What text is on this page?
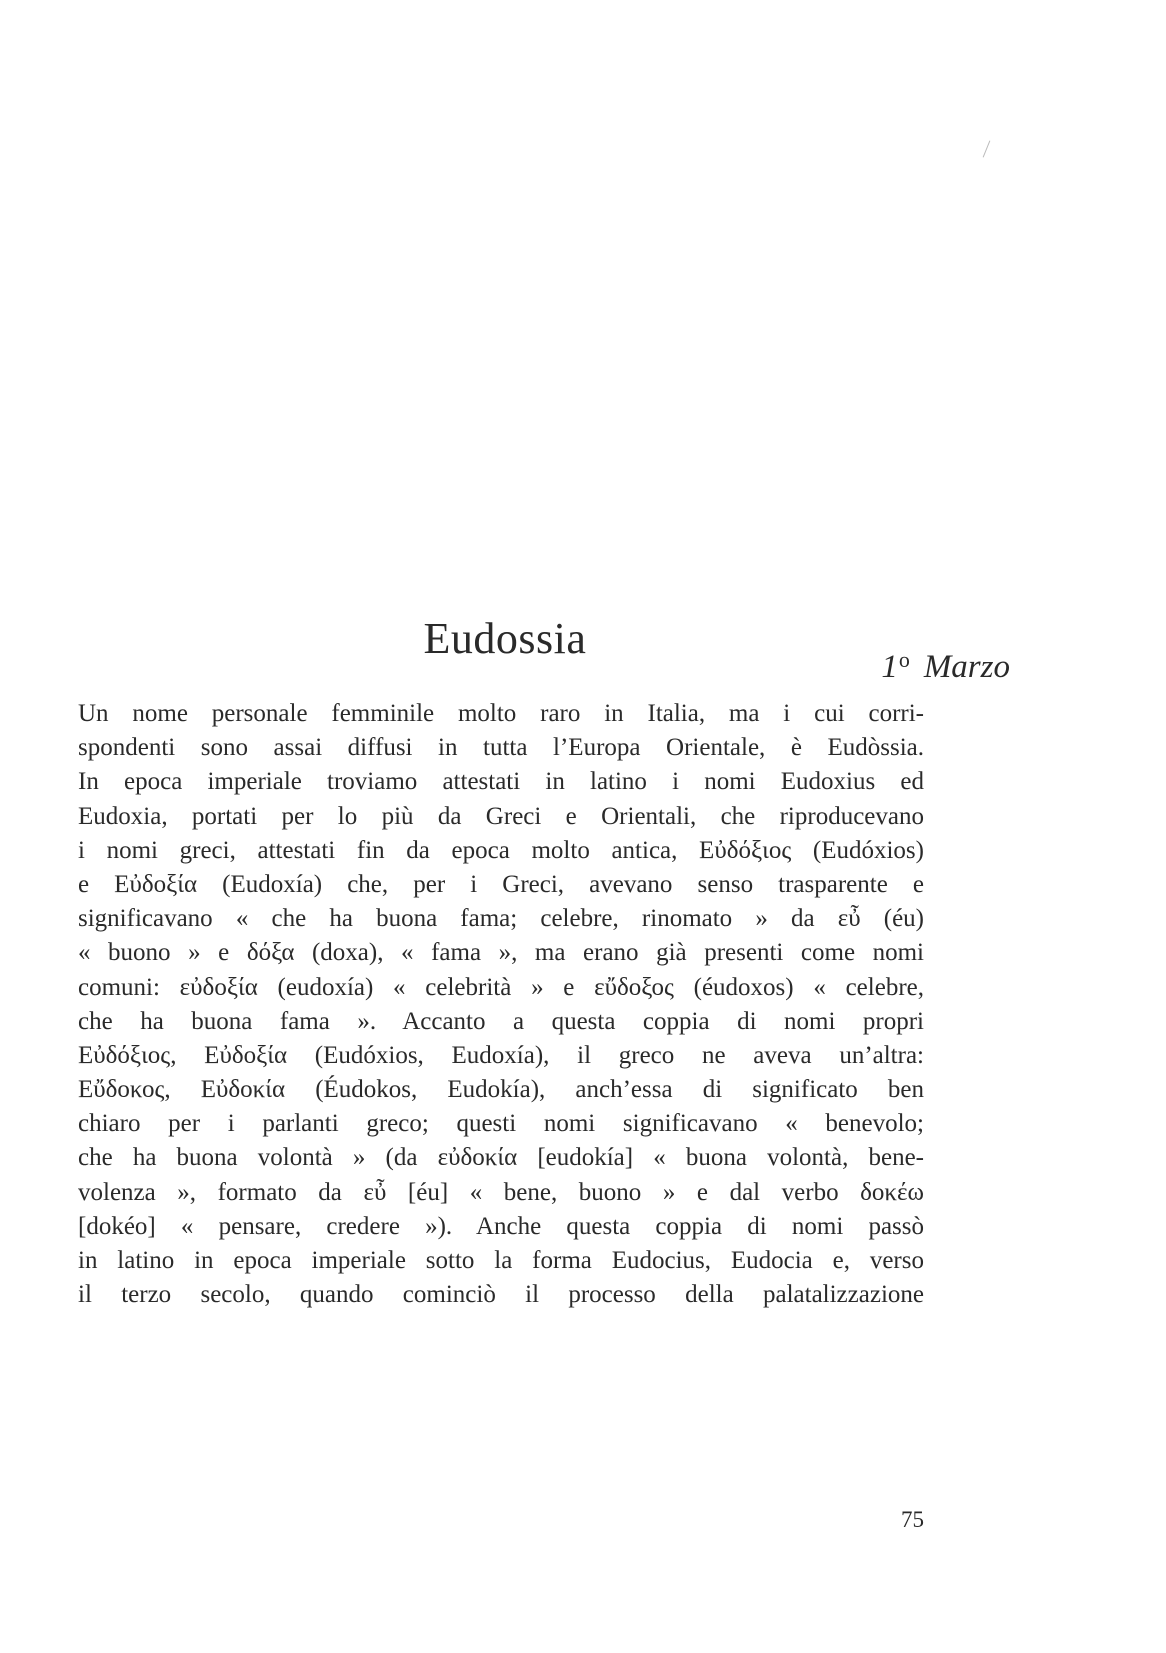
Eudossia
1$^o$ Marzo
Un nome personale femminile molto raro in Italia, ma i cui corri-
spondenti sono assai diffusi in tutta l’Europa Orientale, è Eudòssia.
In epoca imperiale troviamo attestati in latino i nomi Eudoxius ed
Eudoxia, portati per lo più da Greci e Orientali, che riproducevano
i nomi greci, attestati fin da epoca molto antica, Εὐδόξιος (Eudóxios)
e Εὐδοξία (Eudoxía) che, per i Greci, avevano senso trasparente e
significavano « che ha buona fama; celebre, rinomato » da εὖ (éu)
« buono » e δόξα (doxa), « fama », ma erano già presenti come nomi
comuni: εὐδοξία (eudoxía) « celebrità » e εὔδοξος (éudoxos) « celebre,
che ha buona fama ». Accanto a questa coppia di nomi propri
Εὐδόξιος, Εὐδοξία (Eudóxios, Eudoxía), il greco ne aveva un’altra:
Εὔδοκος, Εὐδοκία (Éudokos, Eudokía), anch’essa di significato ben
chiaro per i parlanti greco; questi nomi significavano « benevolo;
che ha buona volontà » (da εὐδοκία [eudokía] « buona volontà, bene-
volenza », formato da εὖ [éu] « bene, buono » e dal verbo δοκέω
[dokéo] « pensare, credere »). Anche questa coppia di nomi passò
in latino in epoca imperiale sotto la forma Eudocius, Eudocia e, verso
il terzo secolo, quando cominciò il processo della palatalizzazione
75
